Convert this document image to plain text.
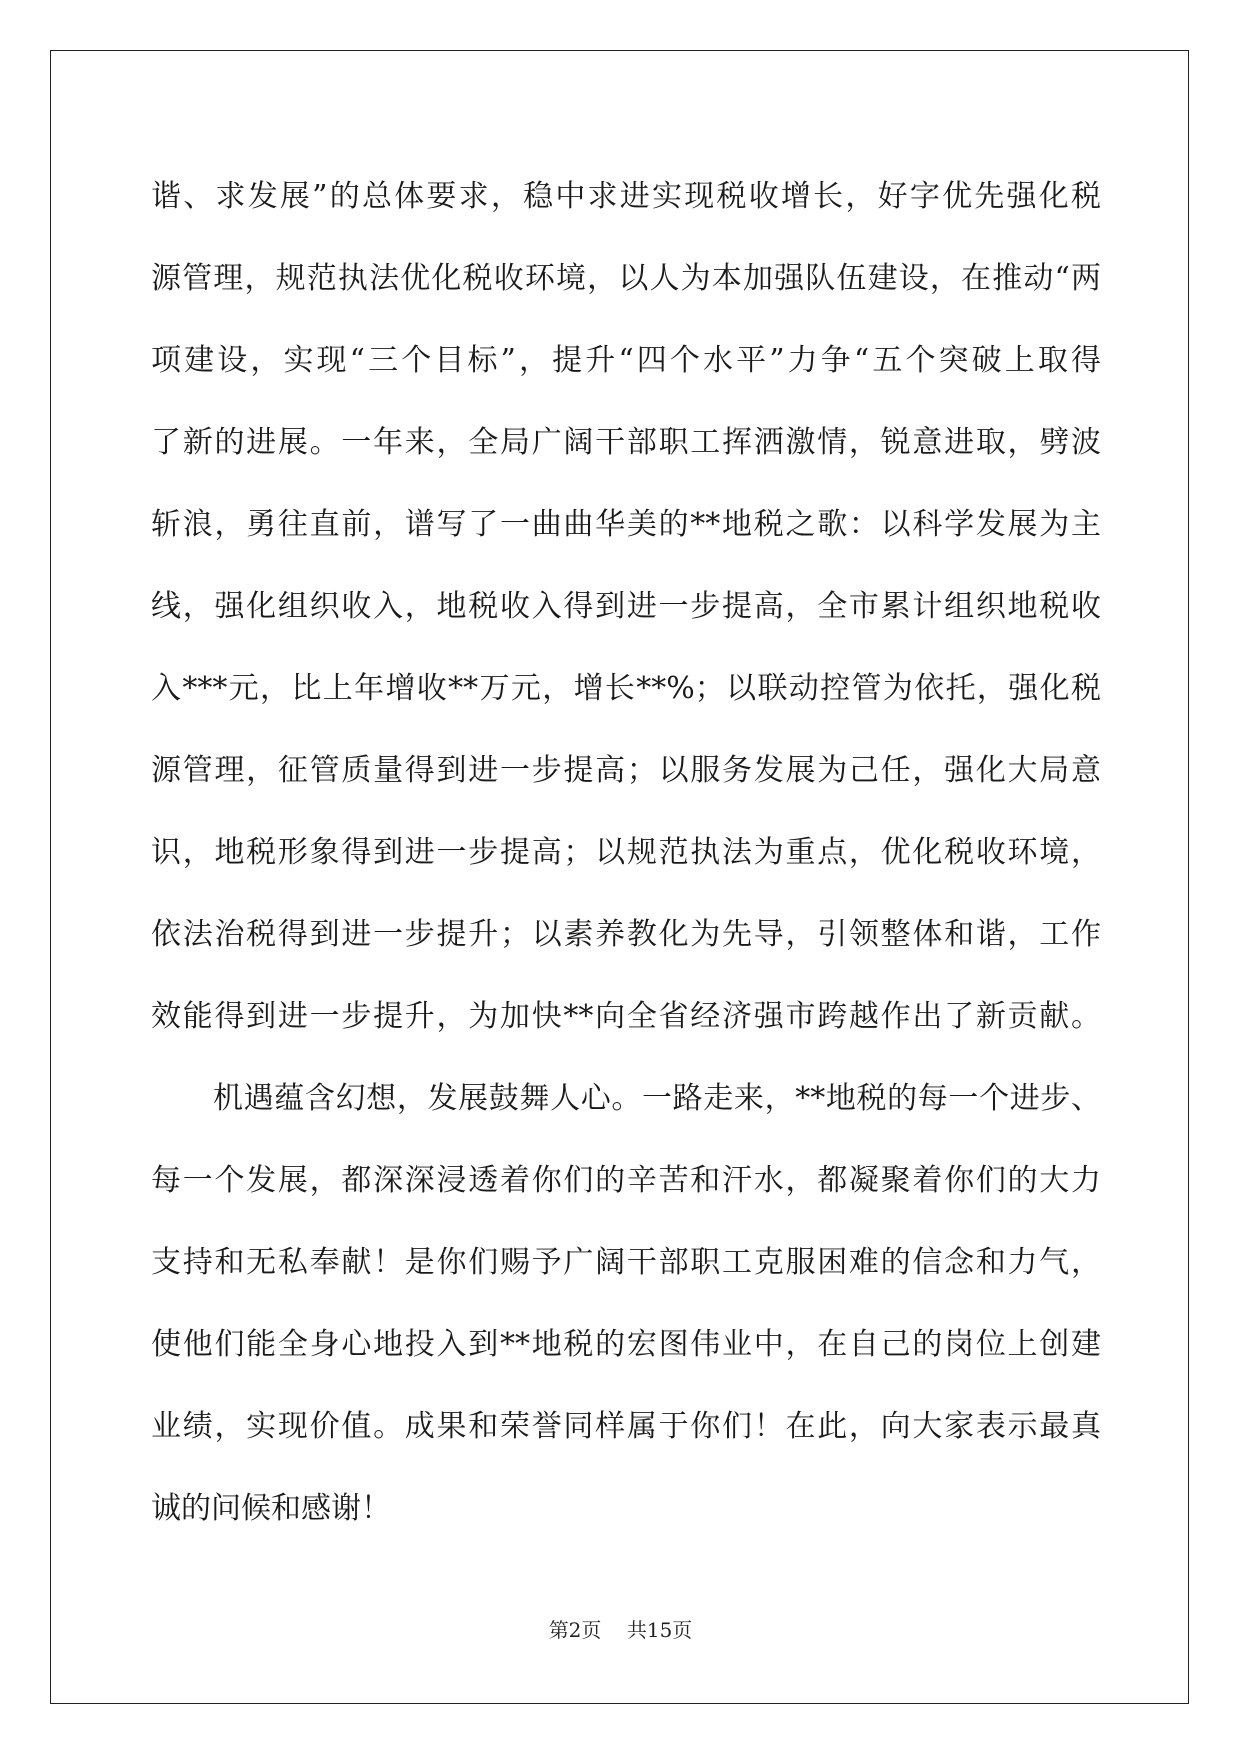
谐、求发展”的总体要求，稳中求进实现税收增长，好字优先强化税
源管理，规范执法优化税收环境，以人为本加强队伍建设，在推动“两
项建设，实现“三个目标”，提升“四个水平”力争“五个突破上取得
了新的进展。一年来，全局广阔干部职工挥洒激情，锐意进取，劈波
斩浪，勇往直前，谱写了一曲曲华美的**地税之歌：以科学发展为主
线，强化组织收入，地税收入得到进一步提高，全市累计组织地税收
入***元，比上年增收**万元，增长**%；以联动控管为依托，强化税
源管理，征管质量得到进一步提高；以服务发展为己任，强化大局意
识，地税形象得到进一步提高；以规范执法为重点，优化税收环境，
依法治税得到进一步提升；以素养教化为先导，引领整体和谐，工作
效能得到进一步提升，为加快**向全省经济强市跨越作出了新贡献。
机遇蕴含幻想，发展鼓舞人心。一路走来，**地税的每一个进步、
每一个发展，都深深浸透着你们的辛苦和汗水，都凝聚着你们的大力
支持和无私奉献！是你们赐予广阔干部职工克服困难的信念和力气，
使他们能全身心地投入到**地税的宏图伟业中，在自己的岗位上创建
业绩，实现价值。成果和荣誉同样属于你们！在此，向大家表示最真
诚的问候和感谢！
第2页 共15页
